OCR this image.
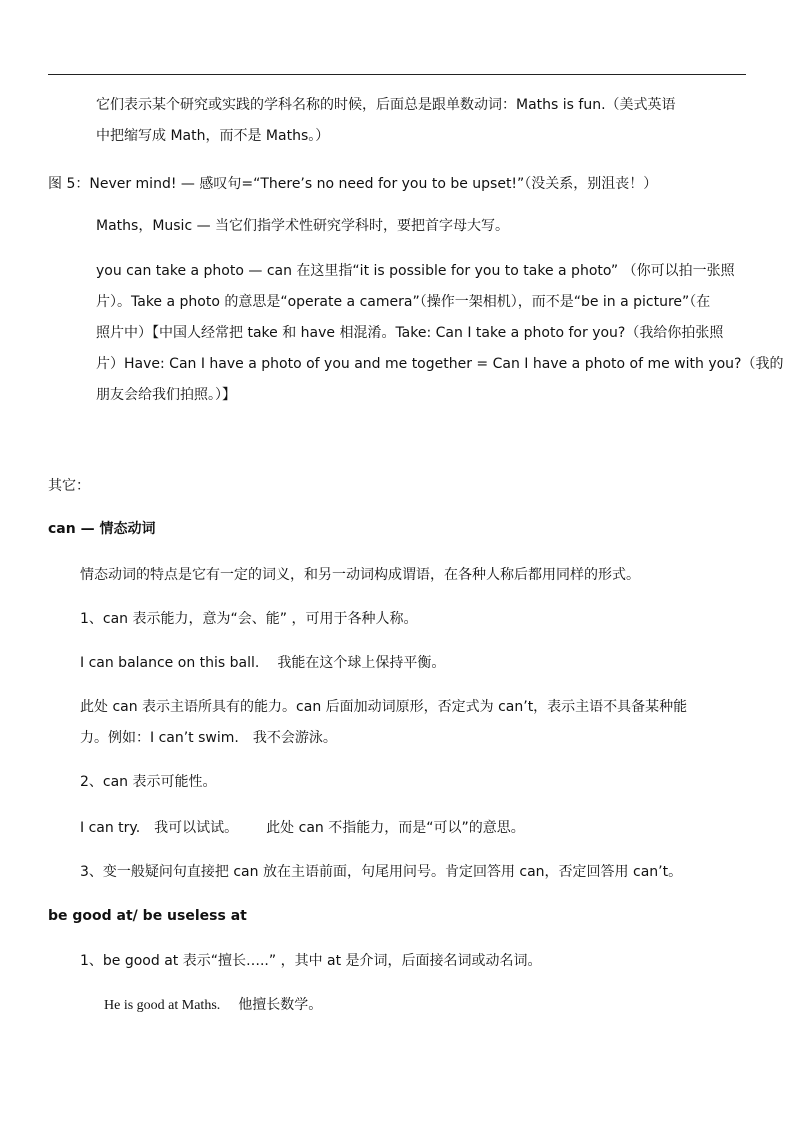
它们表示某个研究或实践的学科名称的时候，后面总是跟单数动词：Maths is fun.（美式英语
中把缩写成 Math，而不是 Maths。）
图 5：Never mind! — 感叹句=“There’s no need for you to be upset!”（没关系，别沮丧！）
Maths，Music — 当它们指学术性研究学科时，要把首字母大写。
you can take a photo — can 在这里指“it is possible for you to take a photo” （你可以拍一张照
片）。Take a photo 的意思是“operate a camera”（操作一架相机），而不是“be in a picture”（在
照片中）【中国人经常把 take 和 have 相混淆。Take: Can I take a photo for you?（我给你拍张照
片）Have: Can I have a photo of you and me together = Can I have a photo of me with you?（我的
朋友会给我们拍照。）】
其它：
can — 情态动词
情态动词的特点是它有一定的词义，和另一动词构成谓语，在各种人称后都用同样的形式。
1、can 表示能力，意为“会、能” ，可用于各种人称。
I can balance on this ball. 我能在这个球上保持平衡。
此处 can 表示主语所具有的能力。can 后面加动词原形，否定式为 can’t，表示主语不具备某种能
力。例如：I can’t swim. 我不会游泳。
2、can 表示可能性。
I can try. 我可以试试。 此处 can 不指能力，而是“可以”的意思。
3、变一般疑问句直接把 can 放在主语前面，句尾用问号。肯定回答用 can，否定回答用 can’t。
be good at/ be useless at
1、be good at 表示“擅长…..” ，其中 at 是介词，后面接名词或动名词。
He is good at Maths. 他擅长数学。
